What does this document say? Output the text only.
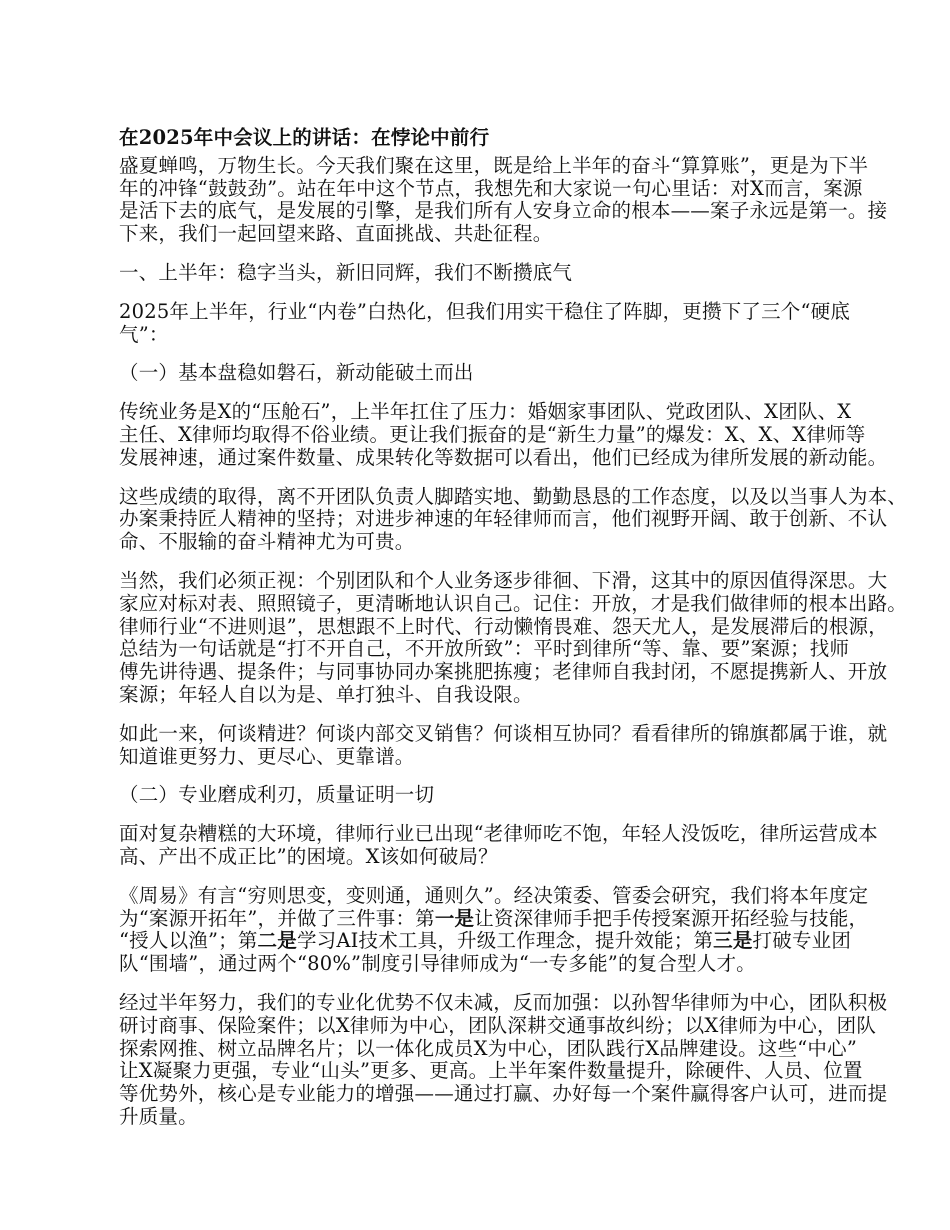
在2025年中会议上的讲话：在悖论中前行
盛夏蝉鸣，万物生长。今天我们聚在这里，既是给上半年的奋斗“算算账”，更是为下半
年的冲锋“鼓鼓劲”。站在年中这个节点，我想先和大家说一句心里话：对X而言，案源
是活下去的底气，是发展的引擎，是我们所有人安身立命的根本——案子永远是第一。接
下来，我们一起回望来路、直面挑战、共赴征程。
一、上半年：稳字当头，新旧同辉，我们不断攒底气
2025年上半年，行业“内卷”白热化，但我们用实干稳住了阵脚，更攒下了三个“硬底
气”：
（一）基本盘稳如磐石，新动能破土而出
传统业务是X的“压舱石”，上半年扛住了压力：婚姻家事团队、党政团队、X团队、X
主任、X律师均取得不俗业绩。更让我们振奋的是“新生力量”的爆发：X、X、X律师等
发展神速，通过案件数量、成果转化等数据可以看出，他们已经成为律所发展的新动能。
这些成绩的取得，离不开团队负责人脚踏实地、勤勤恳恳的工作态度，以及以当事人为本、
办案秉持匠人精神的坚持；对进步神速的年轻律师而言，他们视野开阔、敢于创新、不认
命、不服输的奋斗精神尤为可贵。
当然，我们必须正视：个别团队和个人业务逐步徘徊、下滑，这其中的原因值得深思。大
家应对标对表、照照镜子，更清晰地认识自己。记住：开放，才是我们做律师的根本出路。
律师行业“不进则退”，思想跟不上时代、行动懒惰畏难、怨天尤人，是发展滞后的根源，
总结为一句话就是“打不开自己，不开放所致”：平时到律所“等、靠、要”案源；找师
傅先讲待遇、提条件；与同事协同办案挑肥拣瘦；老律师自我封闭，不愿提携新人、开放
案源；年轻人自以为是、单打独斗、自我设限。
如此一来，何谈精进？何谈内部交叉销售？何谈相互协同？看看律所的锦旗都属于谁，就
知道谁更努力、更尽心、更靠谱。
（二）专业磨成利刃，质量证明一切
面对复杂糟糕的大环境，律师行业已出现“老律师吃不饱，年轻人没饭吃，律所运营成本
高、产出不成正比”的困境。X该如何破局？
《周易》有言“穷则思变，变则通，通则久”。经决策委、管委会研究，我们将本年度定
为“案源开拓年”，并做了三件事：第一是让资深律师手把手传授案源开拓经验与技能，
“授人以渔”；第二是学习AI技术工具，升级工作理念，提升效能；第三是打破专业团
队“围墙”，通过两个“80%”制度引导律师成为“一专多能”的复合型人才。
经过半年努力，我们的专业化优势不仅未减，反而加强：以孙智华律师为中心，团队积极
研讨商事、保险案件；以X律师为中心，团队深耕交通事故纠纷；以X律师为中心，团队
探索网推、树立品牌名片；以一体化成员X为中心，团队践行X品牌建设。这些“中心”
让X凝聚力更强，专业“山头”更多、更高。上半年案件数量提升，除硬件、人员、位置
等优势外，核心是专业能力的增强——通过打赢、办好每一个案件赢得客户认可，进而提
升质量。
